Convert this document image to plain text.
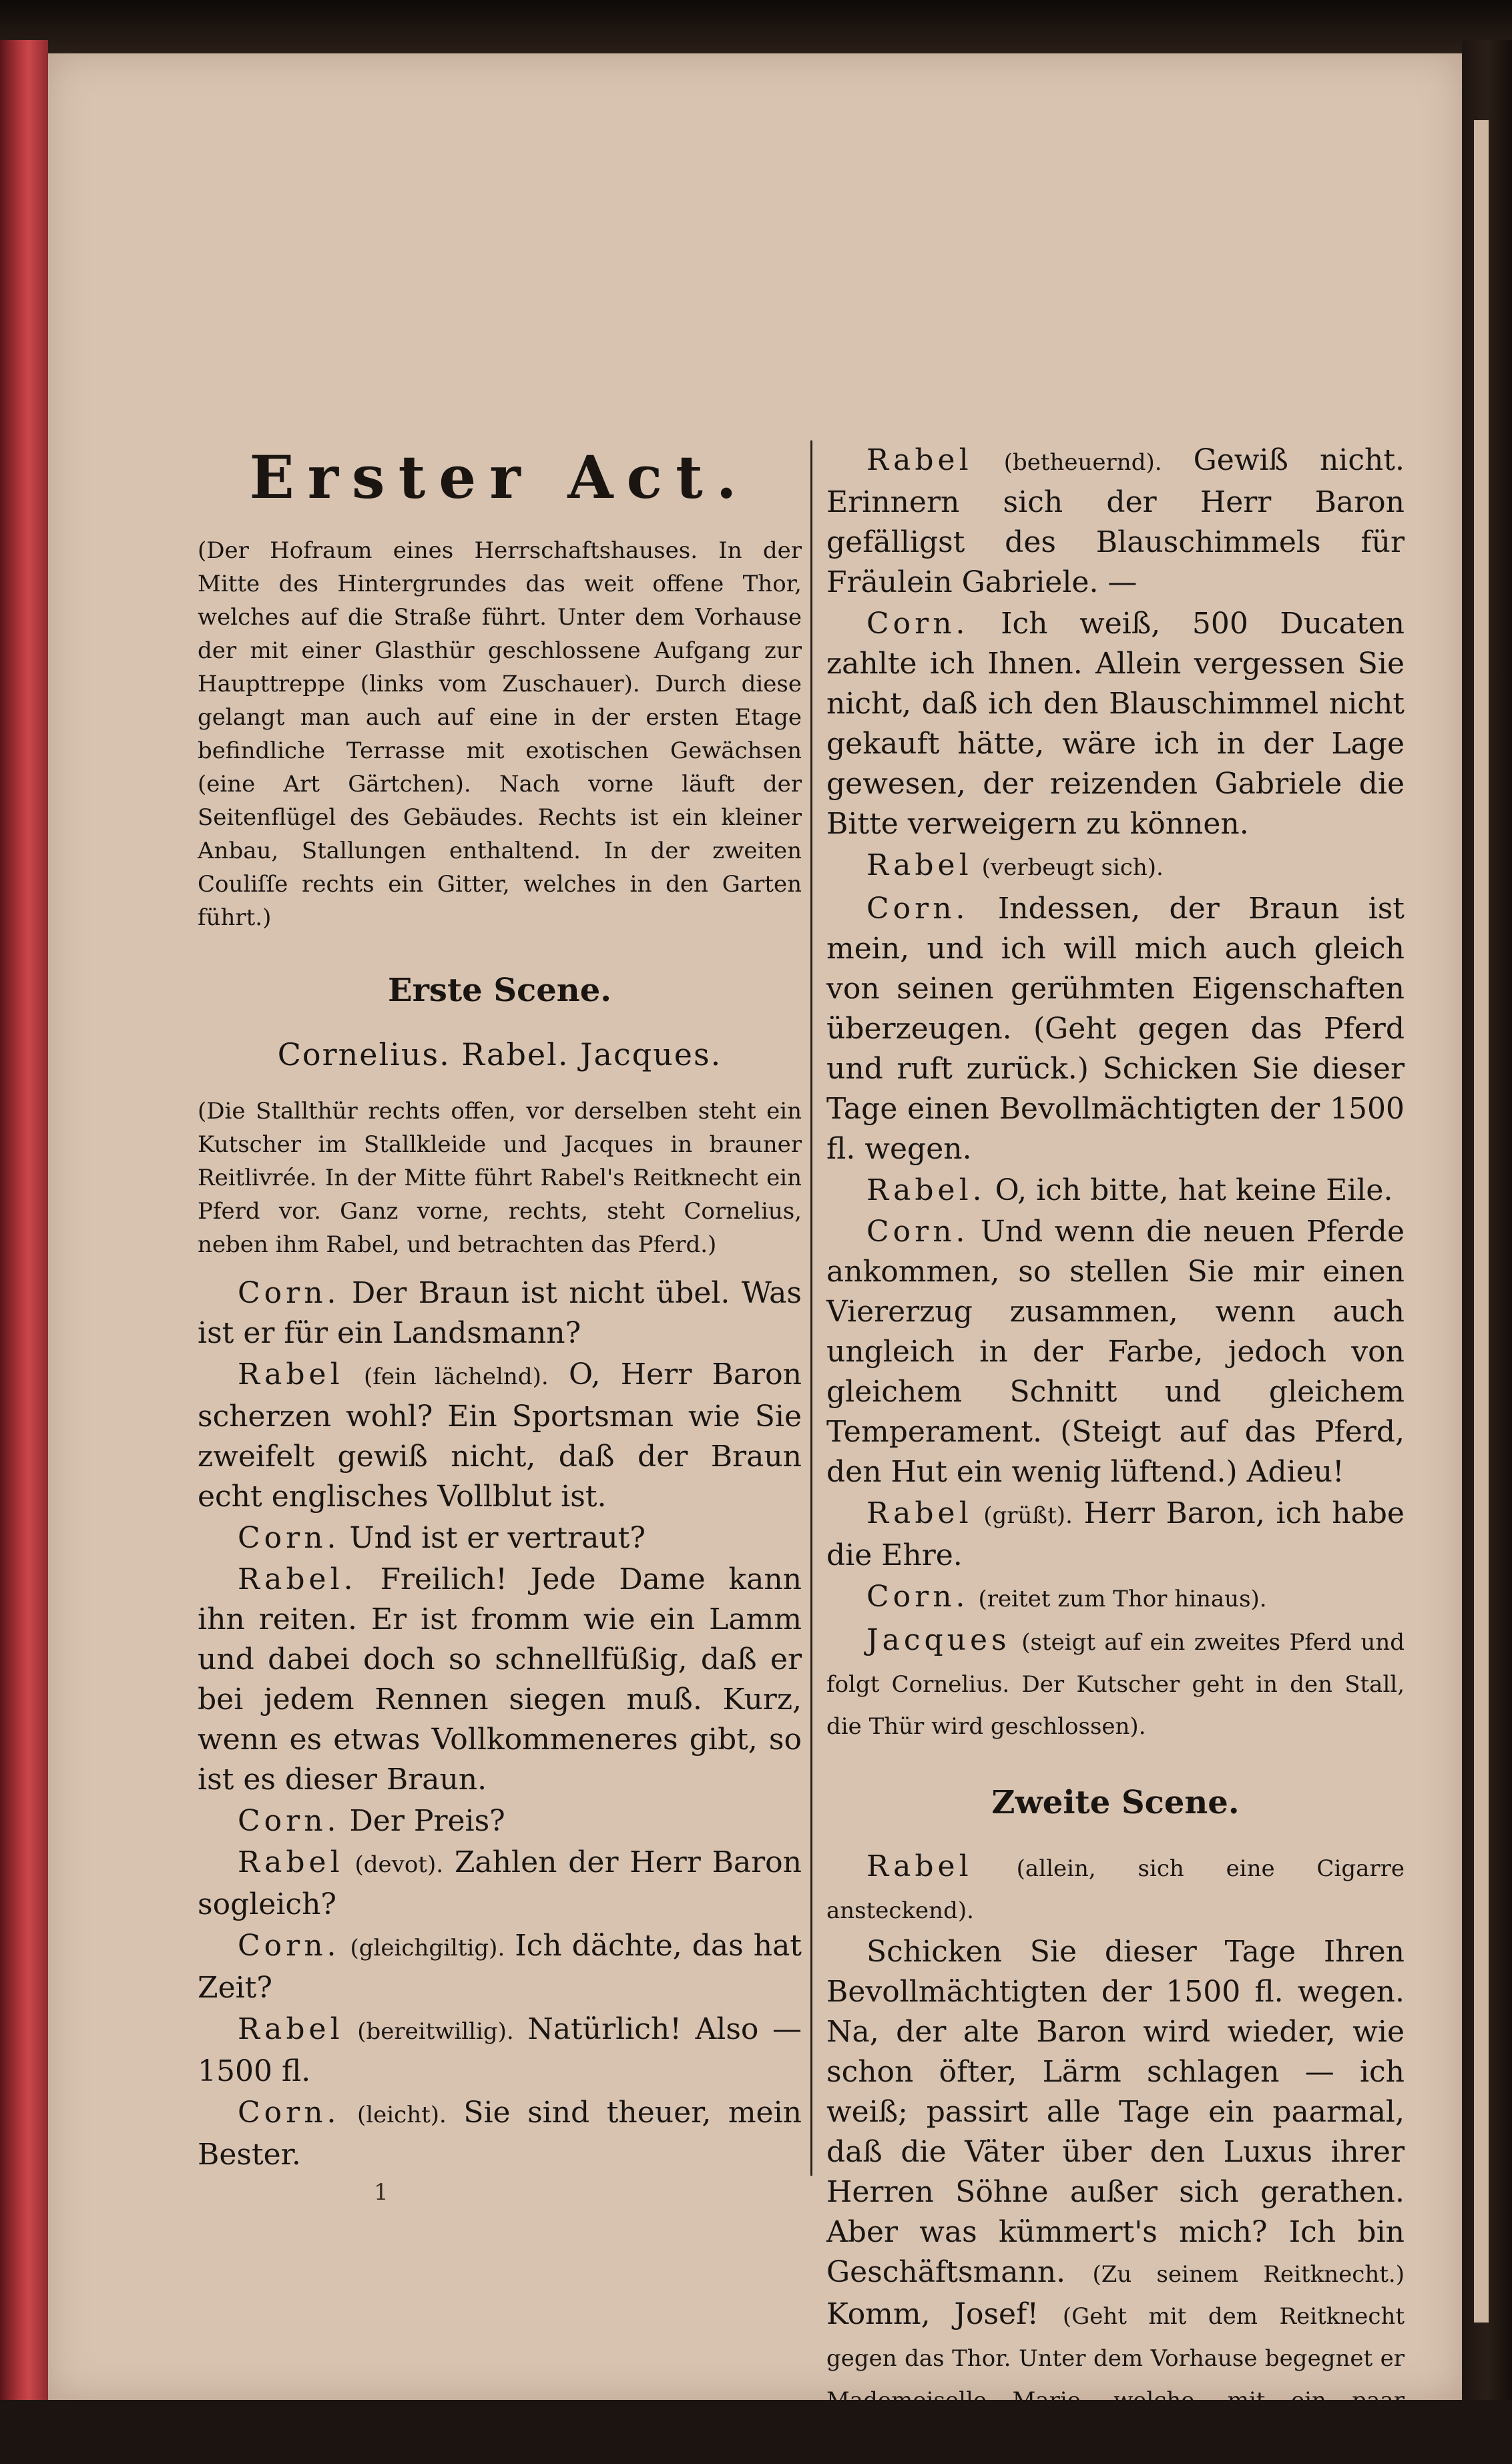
Erster Act.
(Der Hofraum eines Herrschaftshauses. In der Mitte des Hintergrundes das weit offene Thor, welches auf die Straße führt. Unter dem Vorhause der mit einer Glasthür geschlossene Aufgang zur Haupttreppe (links vom Zuschauer). Durch diese gelangt man auch auf eine in der ersten Etage befindliche Terrasse mit exotischen Gewächsen (eine Art Gärtchen). Nach vorne läuft der Seitenflügel des Gebäudes. Rechts ist ein kleiner Anbau, Stallungen enthaltend. In der zweiten Couliſſe rechts ein Gitter, welches in den Garten führt.)
Erste Scene.
Cornelius. Rabel. Jacques.
(Die Stallthür rechts offen, vor derselben steht ein Kutscher im Stallkleide und Jacques in brauner Reitlivrée. In der Mitte führt Rabel's Reitknecht ein Pferd vor. Ganz vorne, rechts, steht Cornelius, neben ihm Rabel, und betrachten das Pferd.)

Corn. Der Braun ist nicht übel. Was ist er für ein Landsmann?

Rabel (fein lächelnd). O, Herr Baron scherzen wohl? Ein Sportsman wie Sie zweifelt gewiß nicht, daß der Braun echt englisches Vollblut ist.

Corn. Und ist er vertraut?

Rabel. Freilich! Jede Dame kann ihn reiten. Er ist fromm wie ein Lamm und dabei doch so schnellfüßig, daß er bei jedem Rennen siegen muß. Kurz, wenn es etwas Vollkommeneres gibt, so ist es dieser Braun.

Corn. Der Preis?

Rabel (devot). Zahlen der Herr Baron sogleich?

Corn. (gleichgiltig). Ich dächte, das hat Zeit?

Rabel (bereitwillig). Natürlich! Also — 1500 fl.

Corn. (leicht). Sie sind theuer, mein Bester.

Rabel (betheuernd). Gewiß nicht. Erinnern sich der Herr Baron gefälligst des Blauschimmels für Fräulein Gabriele. —

Corn. Ich weiß, 500 Ducaten zahlte ich Ihnen. Allein vergessen Sie nicht, daß ich den Blauschimmel nicht gekauft hätte, wäre ich in der Lage gewesen, der reizenden Gabriele die Bitte verweigern zu können.

Rabel (verbeugt sich).

Corn. Indessen, der Braun ist mein, und ich will mich auch gleich von seinen gerühmten Eigenschaften überzeugen. (Geht gegen das Pferd und ruft zurück.) Schicken Sie dieser Tage einen Bevollmächtigten der 1500 fl. wegen.

Rabel. O, ich bitte, hat keine Eile.

Corn. Und wenn die neuen Pferde ankommen, so stellen Sie mir einen Viererzug zusammen, wenn auch ungleich in der Farbe, jedoch von gleichem Schnitt und gleichem Temperament. (Steigt auf das Pferd, den Hut ein wenig lüftend.) Adieu!

Rabel (grüßt). Herr Baron, ich habe die Ehre.

Corn. (reitet zum Thor hinaus).

Jacques (steigt auf ein zweites Pferd und folgt Cornelius. Der Kutscher geht in den Stall, die Thür wird geschlossen).

Zweite Scene.

Rabel (allein, sich eine Cigarre ansteckend).

Schicken Sie dieser Tage Ihren Bevollmächtigten der 1500 fl. wegen. Na, der alte Baron wird wieder, wie schon öfter, Lärm schlagen — ich weiß; passirt alle Tage ein paarmal, daß die Väter über den Luxus ihrer Herren Söhne außer sich gerathen. Aber was kümmert's mich? Ich bin Geschäftsmann. (Zu seinem Reitknecht.) Komm, Josef! (Geht mit dem Reitknecht gegen das Thor. Unter dem Vorhause begegnet er Mademoiselle Marie, welche, mit ein paar Mädchen die Cartons tragend, eintritt.)

1
